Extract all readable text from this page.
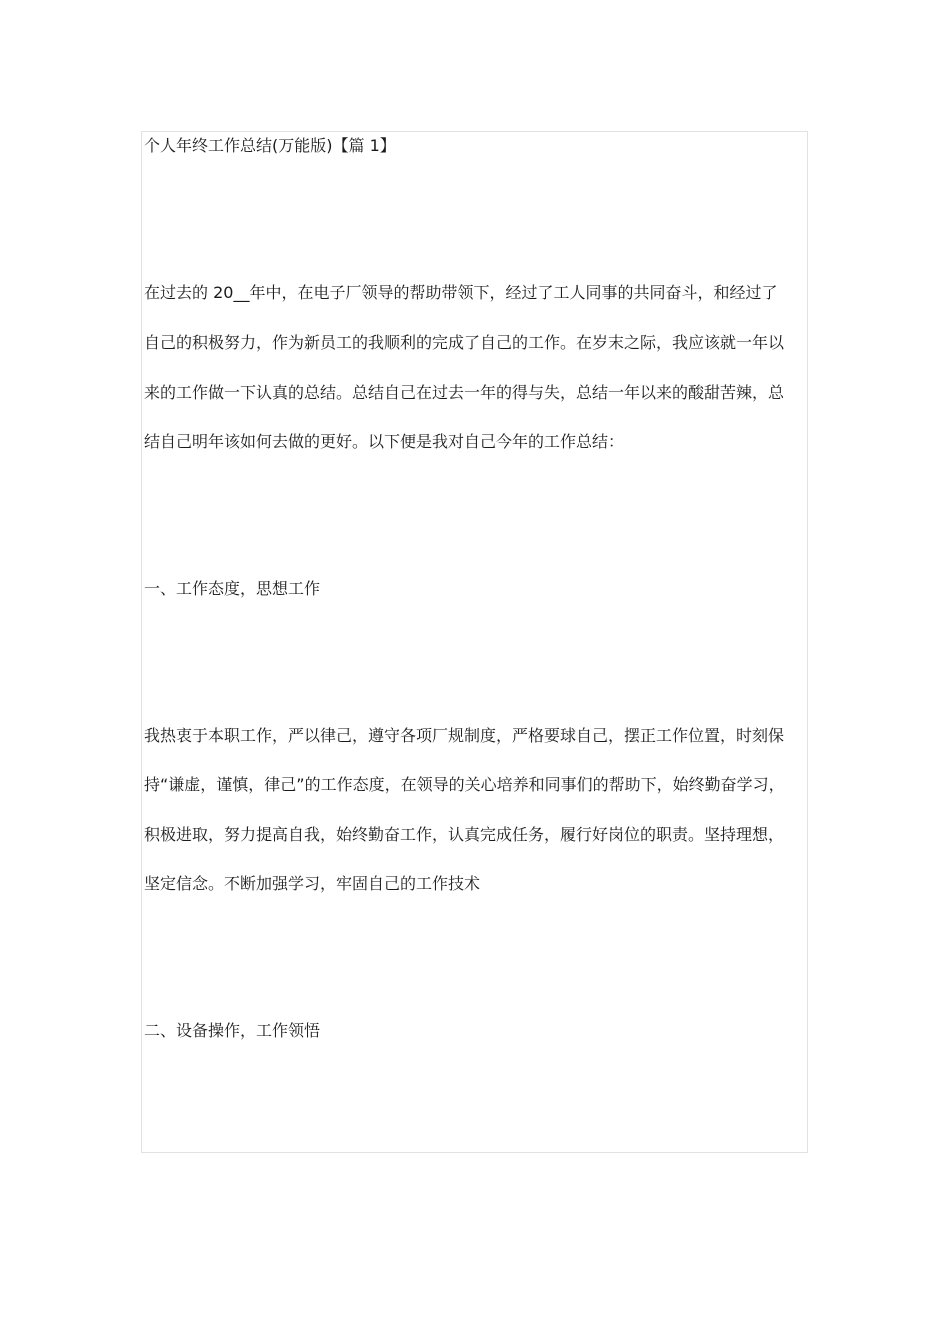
个人年终工作总结(万能版)【篇 1】
在过去的 20__年中，在电子厂领导的帮助带领下，经过了工人同事的共同奋斗，和经过了
自己的积极努力，作为新员工的我顺利的完成了自己的工作。在岁末之际，我应该就一年以
来的工作做一下认真的总结。总结自己在过去一年的得与失，总结一年以来的酸甜苦辣，总
结自己明年该如何去做的更好。以下便是我对自己今年的工作总结：
一、工作态度，思想工作
我热衷于本职工作，严以律己，遵守各项厂规制度，严格要球自己，摆正工作位置，时刻保
持“谦虚，谨慎，律己”的工作态度，在领导的关心培养和同事们的帮助下，始终勤奋学习，
积极进取，努力提高自我，始终勤奋工作，认真完成任务，履行好岗位的职责。坚持理想，
坚定信念。不断加强学习，牢固自己的工作技术
二、设备操作，工作领悟
